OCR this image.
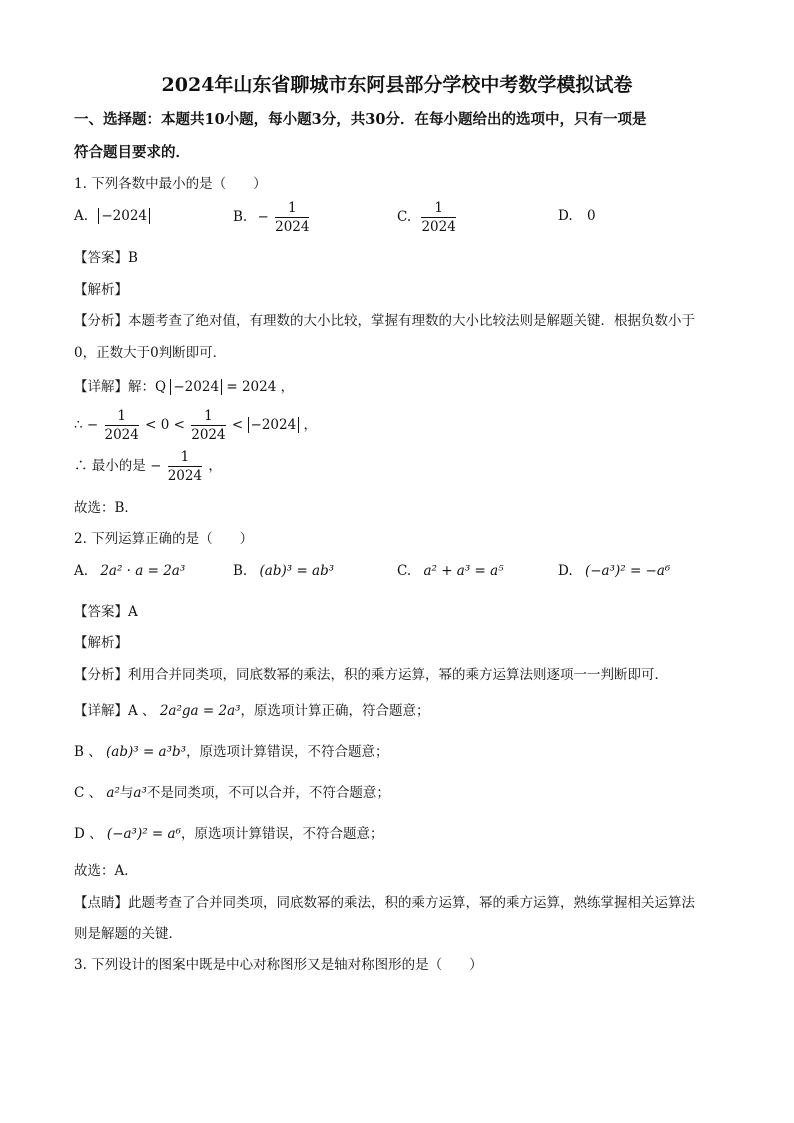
2024年山东省聊城市东阿县部分学校中考数学模拟试卷
一、选择题：本题共10小题，每小题3分，共30分．在每小题给出的选项中，只有一项是
符合题目要求的．
1. 下列各数中最小的是（　　）
A. −2024	B. − $\frac{1}{2024}$	C. $\frac{1}{2024}$	D. 0
【答案】B
【解析】
【分析】本题考查了绝对值，有理数的大小比较，掌握有理数的大小比较法则是解题关键．根据负数小于
0，正数大于0判断即可．
【详解】解：Q −2024 = 2024 ，
∴ − $\frac{1}{2024} < 0 < \frac{1}{2024} < -2024$ ，
∴ 最小的是 − $\frac{1}{2024}$ ，
故选：B．
2. 下列运算正确的是（　　）
A. 2a² · a = 2a³	B. (ab)³ = ab³	C. a² + a³ = a⁵	D. (−a³)² = −a⁶
【答案】A
【解析】
【分析】利用合并同类项，同底数幂的乘法，积的乘方运算，幂的乘方运算法则逐项一一判断即可．
【详解】A 、 2a²ga = 2a³，原选项计算正确，符合题意；
B 、 (ab)³ = a³b³，原选项计算错误，不符合题意；
C 、 a²与a³不是同类项，不可以合并，不符合题意；
D 、 (−a³)² = a⁶，原选项计算错误，不符合题意；
故选：A．
【点睛】此题考查了合并同类项，同底数幂的乘法，积的乘方运算，幂的乘方运算，熟练掌握相关运算法
则是解题的关键．
3. 下列设计的图案中既是中心对称图形又是轴对称图形的是（　　）
